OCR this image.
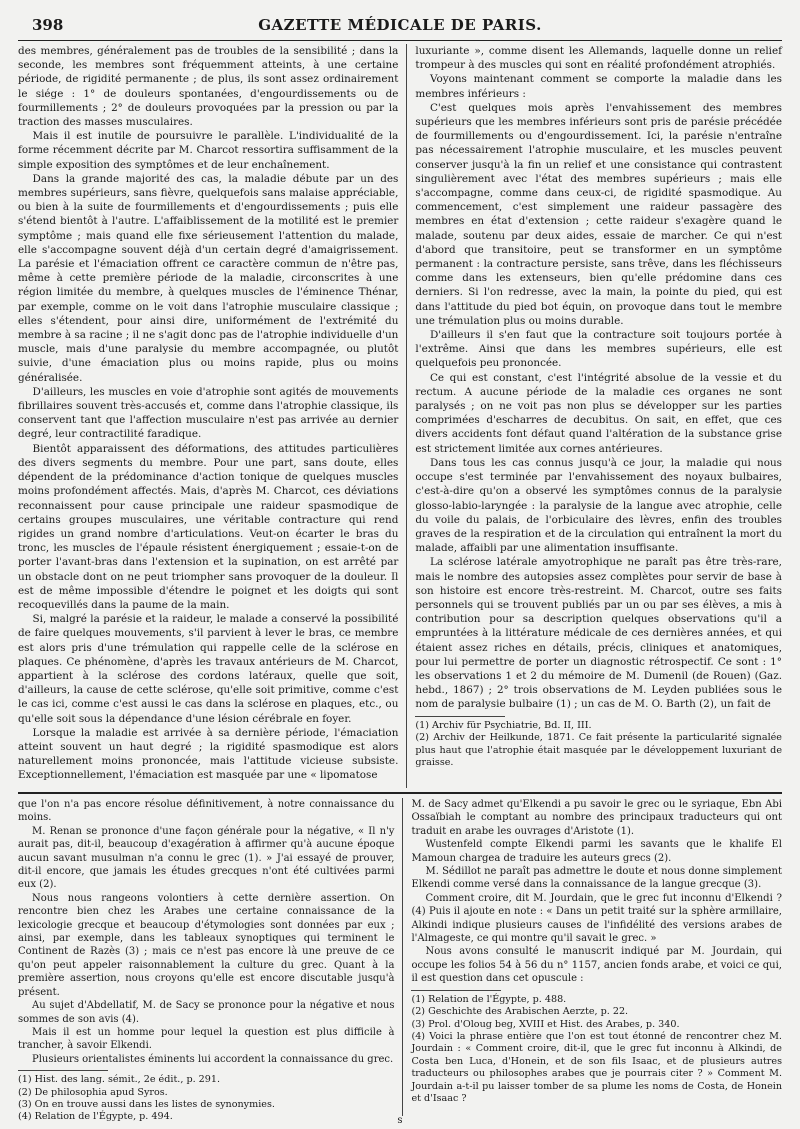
398	GAZETTE MÉDICALE DE PARIS.

des membres, généralement pas de troubles de la sensibilité ; dans la seconde, les membres sont fréquemment atteints, à une certaine période, de rigidité permanente ; de plus, ils sont assez ordinairement le siége : 1° de douleurs spontanées, d'engourdissements ou de fourmillements ; 2° de douleurs provoquées par la pression ou par la traction des masses musculaires.

Mais il est inutile de poursuivre le parallèle. L'individualité de la forme récemment décrite par M. Charcot ressortira suffisamment de la simple exposition des symptômes et de leur enchaînement.

Dans la grande majorité des cas, la maladie débute par un des membres supérieurs, sans fièvre, quelquefois sans malaise appréciable, ou bien à la suite de fourmillements et d'engourdissements ; puis elle s'étend bientôt à l'autre. L'affaiblissement de la motilité est le premier symptôme ; mais quand elle fixe sérieusement l'attention du malade, elle s'accompagne souvent déjà d'un certain degré d'amaigrissement. La parésie et l'émaciation offrent ce caractère commun de n'être pas, même à cette première période de la maladie, circonscrites à une région limitée du membre, à quelques muscles de l'éminence Thénar, par exemple, comme on le voit dans l'atrophie musculaire classique ; elles s'étendent, pour ainsi dire, uniformément de l'extrémité du membre à sa racine ; il ne s'agit donc pas de l'atrophie individuelle d'un muscle, mais d'une paralysie du membre accompagnée, ou plutôt suivie, d'une émaciation plus ou moins rapide, plus ou moins généralisée.

D'ailleurs, les muscles en voie d'atrophie sont agités de mouvements fibrillaires souvent très-accusés et, comme dans l'atrophie classique, ils conservent tant que l'affection musculaire n'est pas arrivée au dernier degré, leur contractilité faradique.

Bientôt apparaissent des déformations, des attitudes particulières des divers segments du membre. Pour une part, sans doute, elles dépendent de la prédominance d'action tonique de quelques muscles moins profondément affectés. Mais, d'après M. Charcot, ces déviations reconnaissent pour cause principale une raideur spasmodique de certains groupes musculaires, une véritable contracture qui rend rigides un grand nombre d'articulations. Veut-on écarter le bras du tronc, les muscles de l'épaule résistent énergiquement ; essaie-t-on de porter l'avant-bras dans l'extension et la supination, on est arrêté par un obstacle dont on ne peut triompher sans provoquer de la douleur. Il est de même impossible d'étendre le poignet et les doigts qui sont recoquevillés dans la paume de la main.

Si, malgré la parésie et la raideur, le malade a conservé la possibilité de faire quelques mouvements, s'il parvient à lever le bras, ce membre est alors pris d'une trémulation qui rappelle celle de la sclérose en plaques. Ce phénomène, d'après les travaux antérieurs de M. Charcot, appartient à la sclérose des cordons latéraux, quelle que soit, d'ailleurs, la cause de cette sclérose, qu'elle soit primitive, comme c'est le cas ici, comme c'est aussi le cas dans la sclérose en plaques, etc., ou qu'elle soit sous la dépendance d'une lésion cérébrale en foyer.

Lorsque la maladie est arrivée à sa dernière période, l'émaciation atteint souvent un haut degré ; la rigidité spasmodique est alors naturellement moins prononcée, mais l'attitude vicieuse subsiste. Exceptionnellement, l'émaciation est masquée par une « lipomatose

luxuriante », comme disent les Allemands, laquelle donne un relief trompeur à des muscles qui sont en réalité profondément atrophiés.

Voyons maintenant comment se comporte la maladie dans les membres inférieurs :

C'est quelques mois après l'envahissement des membres supérieurs que les membres inférieurs sont pris de parésie précédée de fourmillements ou d'engourdissement. Ici, la parésie n'entraîne pas nécessairement l'atrophie musculaire, et les muscles peuvent conserver jusqu'à la fin un relief et une consistance qui contrastent singulièrement avec l'état des membres supérieurs ; mais elle s'accompagne, comme dans ceux-ci, de rigidité spasmodique. Au commencement, c'est simplement une raideur passagère des membres en état d'extension ; cette raideur s'exagère quand le malade, soutenu par deux aides, essaie de marcher. Ce qui n'est d'abord que transitoire, peut se transformer en un symptôme permanent : la contracture persiste, sans trêve, dans les fléchisseurs comme dans les extenseurs, bien qu'elle prédomine dans ces derniers. Si l'on redresse, avec la main, la pointe du pied, qui est dans l'attitude du pied bot équin, on provoque dans tout le membre une trémulation plus ou moins durable.

D'ailleurs il s'en faut que la contracture soit toujours portée à l'extrême. Ainsi que dans les membres supérieurs, elle est quelquefois peu prononcée.

Ce qui est constant, c'est l'intégrité absolue de la vessie et du rectum. A aucune période de la maladie ces organes ne sont paralysés ; on ne voit pas non plus se développer sur les parties comprimées d'escharres de decubitus. On sait, en effet, que ces divers accidents font défaut quand l'altération de la substance grise est strictement limitée aux cornes antérieures.

Dans tous les cas connus jusqu'à ce jour, la maladie qui nous occupe s'est terminée par l'envahissement des noyaux bulbaires, c'est-à-dire qu'on a observé les symptômes connus de la paralysie glosso-labio-laryngée : la paralysie de la langue avec atrophie, celle du voile du palais, de l'orbiculaire des lèvres, enfin des troubles graves de la respiration et de la circulation qui entraînent la mort du malade, affaibli par une alimentation insuffisante.

La sclérose latérale amyotrophique ne paraît pas être très-rare, mais le nombre des autopsies assez complètes pour servir de base à son histoire est encore très-restreint. M. Charcot, outre ses faits personnels qui se trouvent publiés par un ou par ses élèves, a mis à contribution pour sa description quelques observations qu'il a empruntées à la littérature médicale de ces dernières années, et qui étaient assez riches en détails, précis, cliniques et anatomiques, pour lui permettre de porter un diagnostic rétrospectif. Ce sont : 1° les observations 1 et 2 du mémoire de M. Dumenil (de Rouen) (Gaz. hebd., 1867) ; 2° trois observations de M. Leyden publiées sous le nom de paralysie bulbaire (1) ; un cas de M. O. Barth (2), un fait de

(1) Archiv für Psychiatrie, Bd. II, III.

(2) Archiv der Heilkunde, 1871. Ce fait présente la particularité signalée plus haut que l'atrophie était masquée par le développement luxuriant de graisse.

que l'on n'a pas encore résolue définitivement, à notre connaissance du moins.

M. Renan se prononce d'une façon générale pour la négative, « Il n'y aurait pas, dit-il, beaucoup d'exagération à affirmer qu'à aucune époque aucun savant musulman n'a connu le grec (1). » J'ai essayé de prouver, dit-il encore, que jamais les études grecques n'ont été cultivées parmi eux (2).

Nous nous rangeons volontiers à cette dernière assertion. On rencontre bien chez les Arabes une certaine connaissance de la lexicologie grecque et beaucoup d'étymologies sont données par eux ; ainsi, par exemple, dans les tableaux synoptiques qui terminent le Continent de Razès (3) ; mais ce n'est pas encore là une preuve de ce qu'on peut appeler raisonnablement la culture du grec. Quant à la première assertion, nous croyons qu'elle est encore discutable jusqu'à présent.

Au sujet d'Abdellatif, M. de Sacy se prononce pour la négative et nous sommes de son avis (4).

Mais il est un homme pour lequel la question est plus difficile à trancher, à savoir Elkendi.

Plusieurs orientalistes éminents lui accordent la connaissance du grec.

(1) Hist. des lang. sémit., 2e édit., p. 291.

(2) De philosophia apud Syros.

(3) On en trouve aussi dans les listes de synonymies.

(4) Relation de l'Égypte, p. 494.

M. de Sacy admet qu'Elkendi a pu savoir le grec ou le syriaque, Ebn Abi Ossaïbiah le comptant au nombre des principaux traducteurs qui ont traduit en arabe les ouvrages d'Aristote (1).

Wustenfeld compte Elkendi parmi les savants que le khalife El Mamoun chargea de traduire les auteurs grecs (2).

M. Sédillot ne paraît pas admettre le doute et nous donne simplement Elkendi comme versé dans la connaissance de la langue grecque (3).

Comment croire, dit M. Jourdain, que le grec fut inconnu d'Elkendi ? (4) Puis il ajoute en note : « Dans un petit traité sur la sphère armillaire, Alkindi indique plusieurs causes de l'infidélité des versions arabes de l'Almageste, ce qui montre qu'il savait le grec. »

Nous avons consulté le manuscrit indiqué par M. Jourdain, qui occupe les folios 54 à 56 du n° 1157, ancien fonds arabe, et voici ce qui, il est question dans cet opuscule :

(1) Relation de l'Égypte, p. 488.

(2) Geschichte des Arabischen Aerzte, p. 22.

(3) Prol. d'Oloug beg, XVIII et Hist. des Arabes, p. 340.

(4) Voici la phrase entière que l'on est tout étonné de rencontrer chez M. Jourdain : « Comment croire, dit-il, que le grec fut inconnu à Alkindi, de Costa ben Luca, d'Honein, et de son fils Isaac, et de plusieurs autres traducteurs ou philosophes arabes que je pourrais citer ? » Comment M. Jourdain a-t-il pu laisser tomber de sa plume les noms de Costa, de Honein et d'Isaac ?

s
